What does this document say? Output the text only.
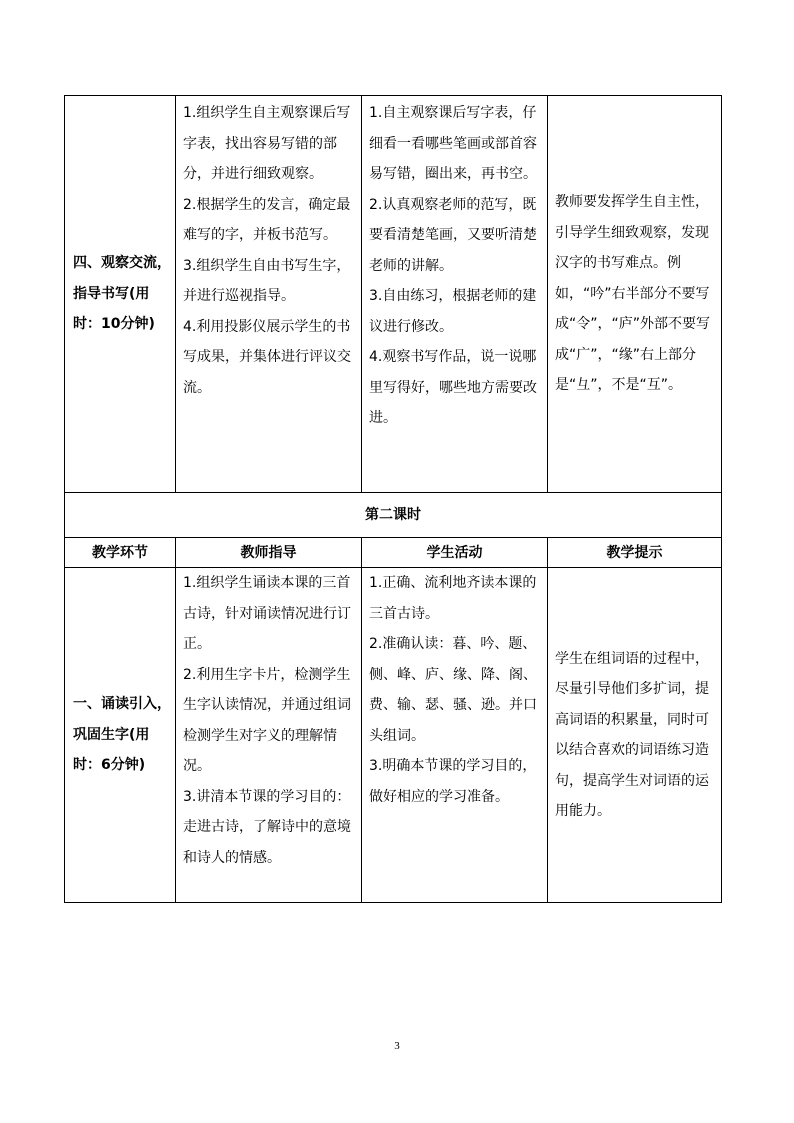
四、观察交流，指导书写(用时：10分钟)	1.组织学生自主观察课后写字表，找出容易写错的部分，并进行细致观察。
2.根据学生的发言，确定最难写的字，并板书范写。
3.组织学生自由书写生字，并进行巡视指导。
4.利用投影仪展示学生的书写成果，并集体进行评议交流。	1.自主观察课后写字表，仔细看一看哪些笔画或部首容易写错，圈出来，再书空。
2.认真观察老师的范写，既要看清楚笔画，又要听清楚老师的讲解。
3.自由练习，根据老师的建议进行修改。
4.观察书写作品，说一说哪里写得好，哪些地方需要改进。	教师要发挥学生自主性，引导学生细致观察，发现汉字的书写难点。例如，“吟”右半部分不要写成“令”，“庐”外部不要写成“广”，“缘”右上部分是“彑”，不是“互”。
第二课时			
教学环节	教师指导	学生活动	教学提示
一、诵读引入，巩固生字(用时：6分钟)	1.组织学生诵读本课的三首古诗，针对诵读情况进行订正。
2.利用生字卡片，检测学生生字认读情况，并通过组词检测学生对字义的理解情况。
3.讲清本节课的学习目的：走进古诗，了解诗中的意境和诗人的情感。	1.正确、流利地齐读本课的三首古诗。
2.准确认读：暮、吟、题、侧、峰、庐、缘、降、阁、费、输、瑟、骚、逊。并口头组词。
3.明确本节课的学习目的，做好相应的学习准备。	学生在组词语的过程中，尽量引导他们多扩词，提高词语的积累量，同时可以结合喜欢的词语练习造句，提高学生对词语的运用能力。
3
